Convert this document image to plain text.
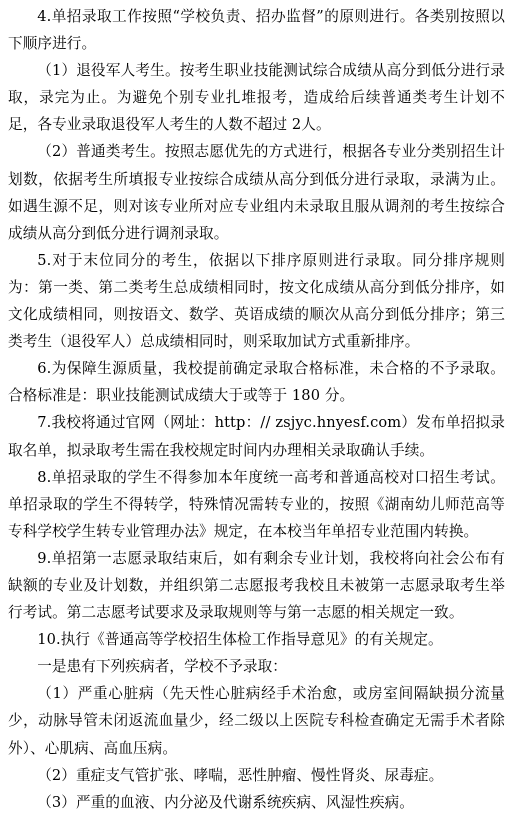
4.单招录取工作按照“学校负责、招办监督”的原则进行。各类别按照以下顺序进行。

（1）退役军人考生。按考生职业技能测试综合成绩从高分到低分进行录取，录完为止。为避免个别专业扎堆报考，造成给后续普通类考生计划不足，各专业录取退役军人考生的人数不超过 2人。

（2）普通类考生。按照志愿优先的方式进行，根据各专业分类别招生计划数，依据考生所填报专业按综合成绩从高分到低分进行录取，录满为止。如遇生源不足，则对该专业所对应专业组内未录取且服从调剂的考生按综合成绩从高分到低分进行调剂录取。

5.对于末位同分的考生，依据以下排序原则进行录取。同分排序规则为：第一类、第二类考生总成绩相同时，按文化成绩从高分到低分排序，如文化成绩相同，则按语文、数学、英语成绩的顺次从高分到低分排序；第三类考生（退役军人）总成绩相同时，则采取加试方式重新排序。

6.为保障生源质量，我校提前确定录取合格标准，未合格的不予录取。合格标准是：职业技能测试成绩大于或等于 180 分。

7.我校将通过官网（网址：http：// zsjyc.hnyesf.com）发布单招拟录取名单，拟录取考生需在我校规定时间内办理相关录取确认手续。

8.单招录取的学生不得参加本年度统一高考和普通高校对口招生考试。单招录取的学生不得转学，特殊情况需转专业的，按照《湖南幼儿师范高等专科学校学生转专业管理办法》规定，在本校当年单招专业范围内转换。

9.单招第一志愿录取结束后，如有剩余专业计划，我校将向社会公布有缺额的专业及计划数，并组织第二志愿报考我校且未被第一志愿录取考生举行考试。第二志愿考试要求及录取规则等与第一志愿的相关规定一致。

10.执行《普通高等学校招生体检工作指导意见》的有关规定。

一是患有下列疾病者，学校不予录取：

（1）严重心脏病（先天性心脏病经手术治愈，或房室间隔缺损分流量少，动脉导管未闭返流血量少，经二级以上医院专科检查确定无需手术者除外）、心肌病、高血压病。

（2）重症支气管扩张、哮喘，恶性肿瘤、慢性肾炎、尿毒症。

（3）严重的血液、内分泌及代谢系统疾病、风湿性疾病。
